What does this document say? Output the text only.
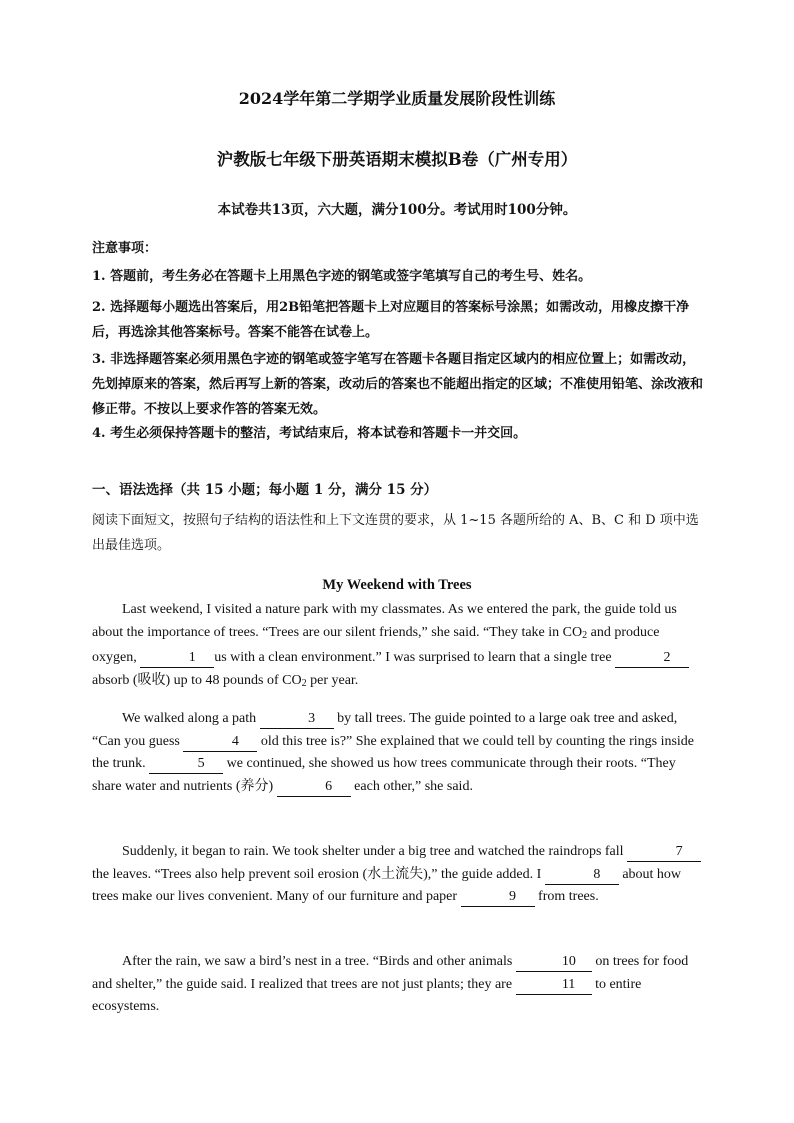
2024学年第二学期学业质量发展阶段性训练
沪教版七年级下册英语期末模拟B卷（广州专用）
本试卷共13页，六大题，满分100分。考试用时100分钟。
注意事项：
1. 答题前，考生务必在答题卡上用黑色字迹的钢笔或签字笔填写自己的考生号、姓名。
2. 选择题每小题选出答案后，用2B铅笔把答题卡上对应题目的答案标号涂黑；如需改动，用橡皮擦干净后，再选涂其他答案标号。答案不能答在试卷上。
3. 非选择题答案必须用黑色字迹的钢笔或签字笔写在答题卡各题目指定区域内的相应位置上；如需改动，先划掉原来的答案，然后再写上新的答案，改动后的答案也不能超出指定的区域；不准使用铅笔、涂改液和修正带。不按以上要求作答的答案无效。
4. 考生必须保持答题卡的整洁，考试结束后，将本试卷和答题卡一并交回。
一、语法选择（共 15 小题；每小题 1 分，满分 15 分）
阅读下面短文，按照句子结构的语法性和上下文连贯的要求，从 1~15 各题所给的 A、B、C 和 D 项中选出最佳选项。
My Weekend with Trees

Last weekend, I visited a nature park with my classmates. As we entered the park, the guide told us about the importance of trees. “Trees are our silent friends,” she said. “They take in $CO_2$ and produce oxygen,	1 us with a clean environment.” I was surprised to learn that a single tree	2 absorb (吸收) up to 48 pounds of $CO_2$ per year.

We walked along a path	3 by tall trees. The guide pointed to a large oak tree and asked, “Can you guess	4 old this tree is?” She explained that we could tell by counting the rings inside the trunk.	5 we continued, she showed us how trees communicate through their roots. “They share water and nutrients (养分)	6 each other,” she said.

Suddenly, it began to rain. We took shelter under a big tree and watched the raindrops fall	7 the leaves. “Trees also help prevent soil erosion (水土流失),” the guide added. I	8 about how trees make our lives convenient. Many of our furniture and paper	9 from trees.

After the rain, we saw a bird’s nest in a tree. “Birds and other animals	10 on trees for food and shelter,” the guide said. I realized that trees are not just plants; they are	11 to entire ecosystems.
